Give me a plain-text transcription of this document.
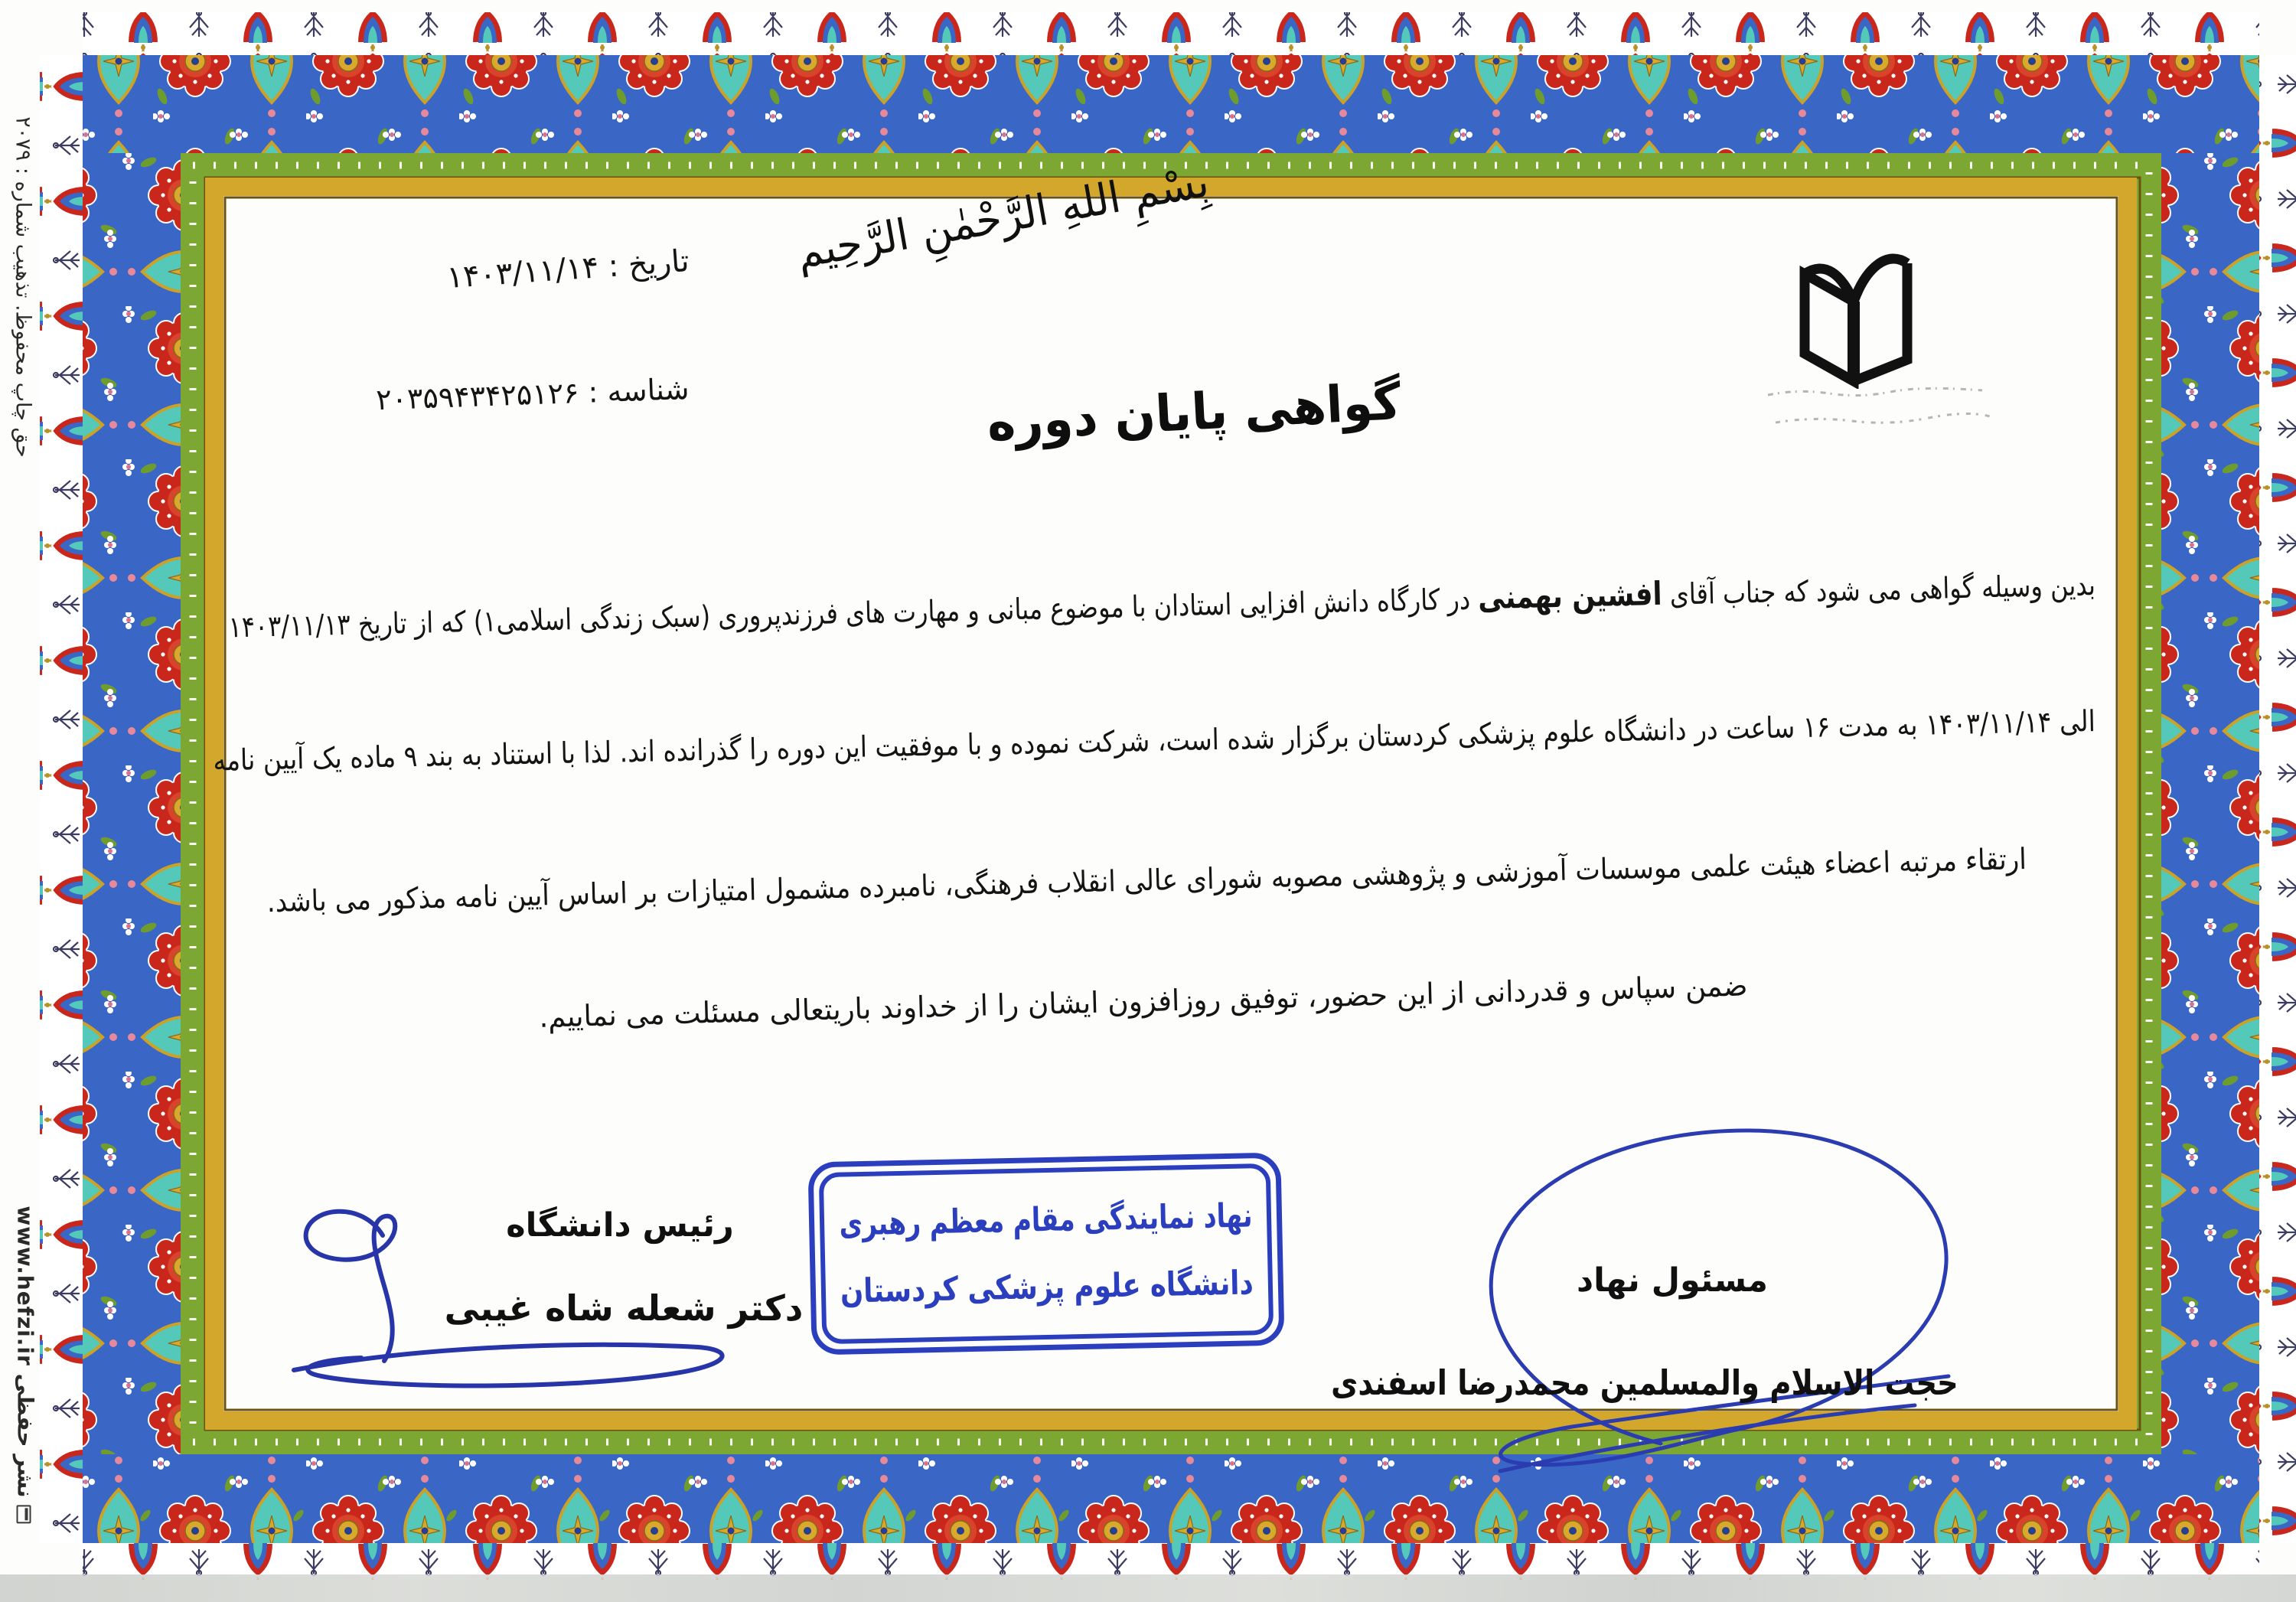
حق چاپ محفوظ. تذهیب شماره : ۲۰۷۹
نشر حفظی​ www.hefzi.ir
تاریخ : ۱۴۰۳/۱۱/۱۴
شناسه : ۲۰۳۵۹۴۳۴۲۵۱۲۶
بِسْمِ اللهِ الرَّحْمٰنِ الرَّحِیم
گواهی پایان دوره
بدین وسیله گواهی می شود که جناب آقای افشین بهمنی در کارگاه دانش افزایی استادان با موضوع مبانی و مهارت های فرزندپروری (سبک زندگی اسلامی۱) که از تاریخ ۱۴۰۳/۱۱/۱۳
الی ۱۴۰۳/۱۱/۱۴ به مدت ۱۶ ساعت در دانشگاه علوم پزشکی کردستان برگزار شده است، شرکت نموده و با موفقیت این دوره را گذرانده اند. لذا با استناد به بند ۹ ماده یک آیین نامه
ارتقاء مرتبه اعضاء هیئت علمی موسسات آموزشی و پژوهشی مصوبه شورای عالی انقلاب فرهنگی، نامبرده مشمول امتیازات بر اساس آیین نامه مذکور می باشد.
ضمن سپاس و قدردانی از این حضور، توفیق روزافزون ایشان را از خداوند باریتعالی مسئلت می نماییم.
رئیس دانشگاه
دکتر شعله شاه غیبی
نهاد نمایندگی مقام معظم رهبری
دانشگاه علوم پزشکی کردستان	مسئول نهاد
حجت الاسلام والمسلمین محمدرضا اسفندی
